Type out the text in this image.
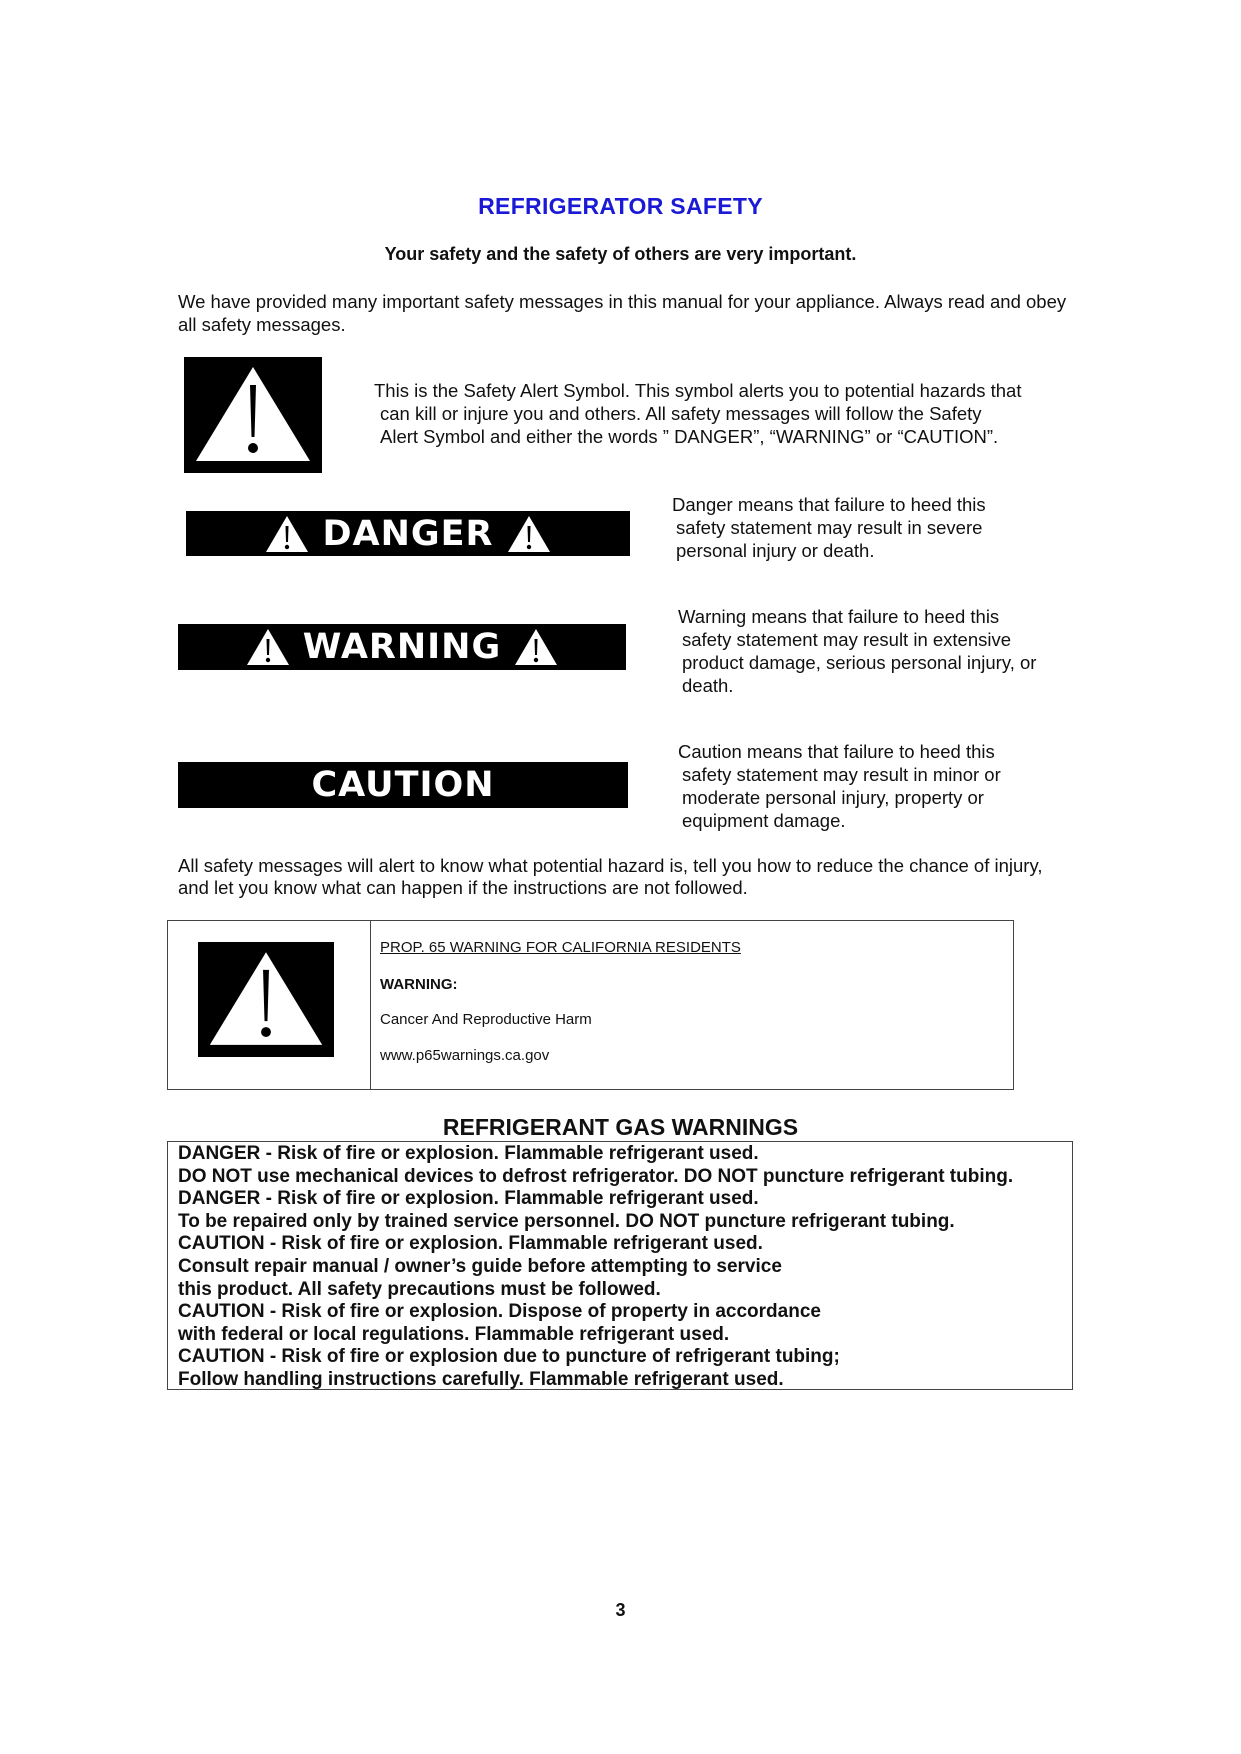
REFRIGERATOR SAFETY
Your safety and the safety of others are very important.
We have provided many important safety messages in this manual for your appliance. Always read and obey all safety messages.
This is the Safety Alert Symbol. This symbol alerts you to potential hazards that
can kill or injure you and others. All safety messages will follow the Safety
Alert Symbol and either the words ” DANGER”, “WARNING” or “CAUTION”.
DANGER
Danger means that failure to heed this
safety statement may result in severe
personal injury or death.
WARNING
Warning means that failure to heed this
safety statement may result in extensive
product damage, serious personal injury, or
death.
CAUTION
Caution means that failure to heed this
safety statement may result in minor or
moderate personal injury, property or
equipment damage.
All safety messages will alert to know what potential hazard is, tell you how to reduce the chance of injury, and let you know what can happen if the instructions are not followed.
PROP. 65 WARNING FOR CALIFORNIA RESIDENTS
WARNING:
Cancer And Reproductive Harm
www.p65warnings.ca.gov
REFRIGERANT GAS WARNINGS
DANGER - Risk of fire or explosion. Flammable refrigerant used.
DO NOT use mechanical devices to defrost refrigerator. DO NOT puncture refrigerant tubing.
DANGER - Risk of fire or explosion. Flammable refrigerant used.
To be repaired only by trained service personnel. DO NOT puncture refrigerant tubing.
CAUTION - Risk of fire or explosion. Flammable refrigerant used.
Consult repair manual / owner’s guide before attempting to service
this product. All safety precautions must be followed.
CAUTION - Risk of fire or explosion. Dispose of property in accordance
with federal or local regulations. Flammable refrigerant used.
CAUTION - Risk of fire or explosion due to puncture of refrigerant tubing;
Follow handling instructions carefully. Flammable refrigerant used.
3
